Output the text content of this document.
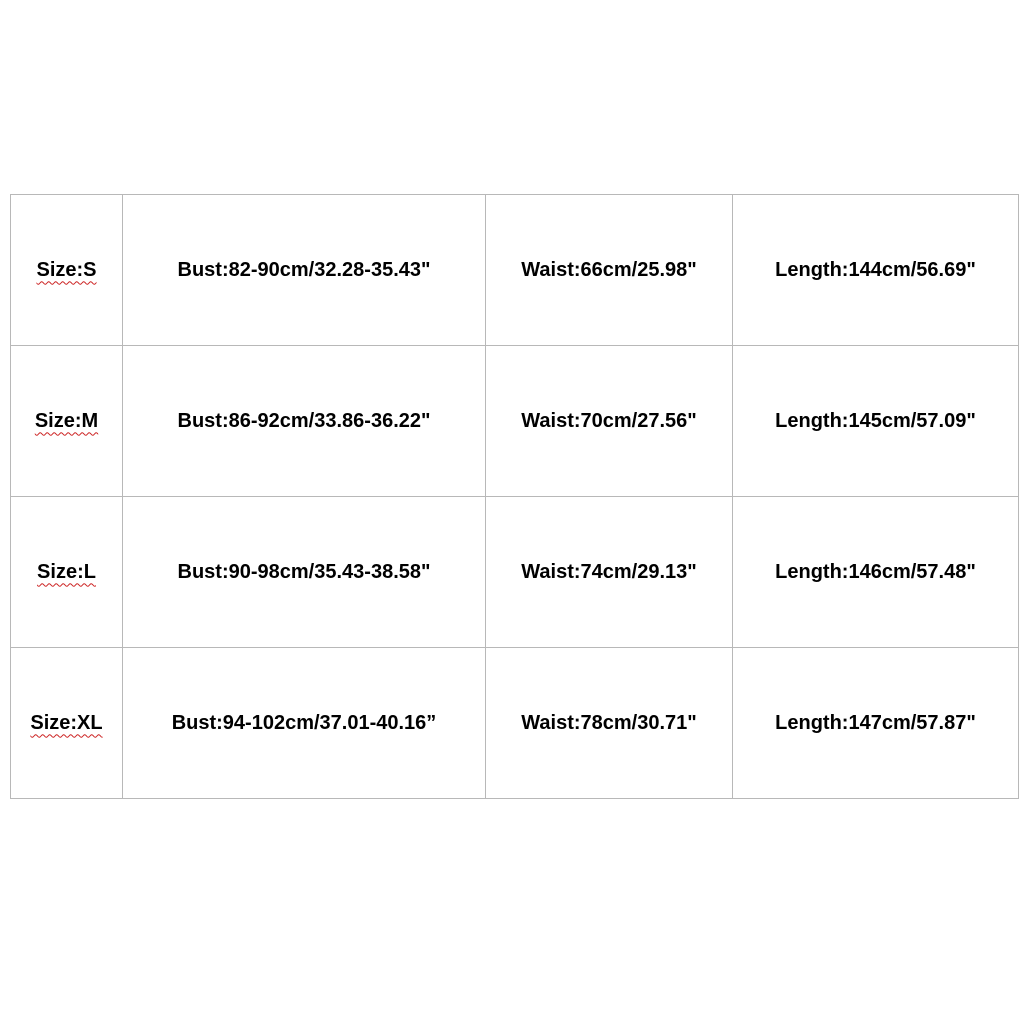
Size:S	Bust:82-90cm/32.28-35.43"	Waist:66cm/25.98"	Length:144cm/56.69"
Size:M	Bust:86-92cm/33.86-36.22"	Waist:70cm/27.56"	Length:145cm/57.09"
Size:L	Bust:90-98cm/35.43-38.58"	Waist:74cm/29.13"	Length:146cm/57.48"
Size:XL	Bust:94-102cm/37.01-40.16”	Waist:78cm/30.71"	Length:147cm/57.87"
